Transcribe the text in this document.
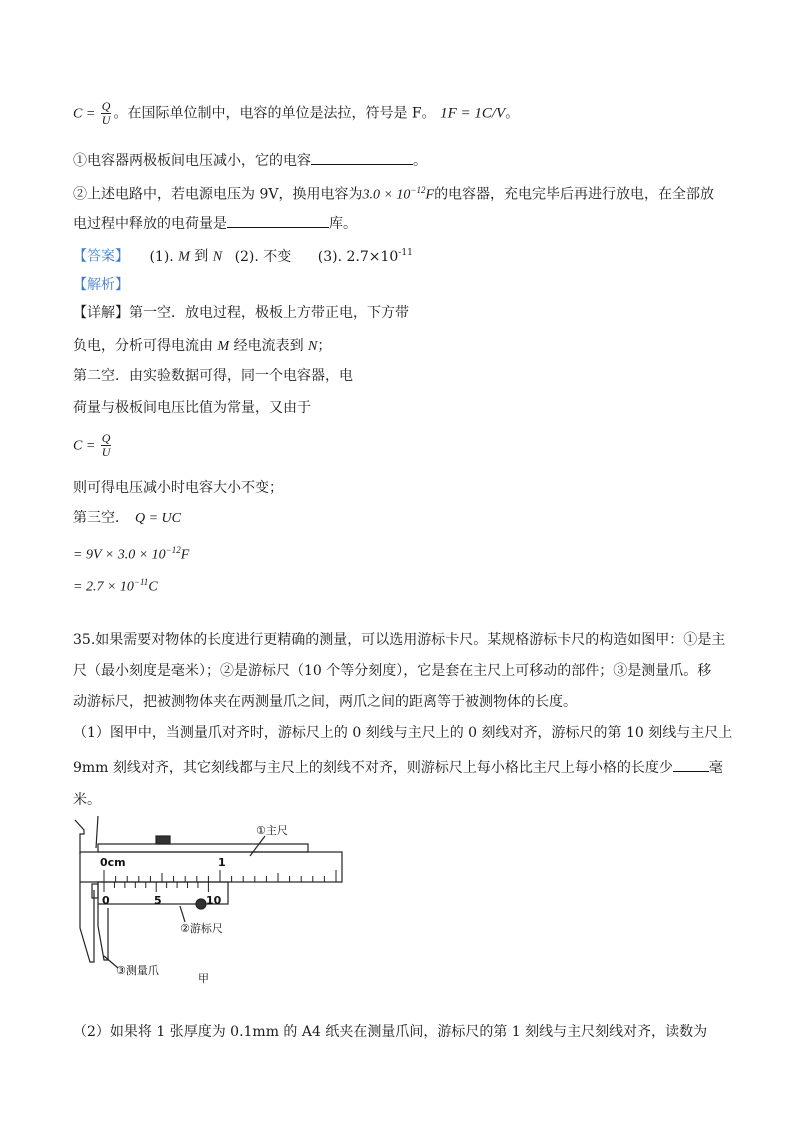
$C = \frac{Q}{U}$ 。在国际单位制中，电容的单位是法拉，符号是 F。 1F = 1C/V。
①电容器两极板间电压减小，它的电容	。
②上述电路中，若电源电压为 9V，换用电容为$3.0 \times 10^{-12}F$的电容器，充电完毕后再进行放电，在全部放
电过程中释放的电荷量是	库。
【答案】 (1). M 到 N (2). 不变 (3). $2.7\times 10^{-11}$
【解析】
【详解】第一空．放电过程，极板上方带正电，下方带
负电，分析可得电流由 M 经电流表到 N；
第二空．由实验数据可得，同一个电容器，电
荷量与极板间电压比值为常量，又由于
$C = \frac{Q}{U}$
则可得电压减小时电容大小不变；
第三空． Q = UC
= $9V \times 3.0 \times 10^{-12}F$
= $2.7 \times 10^{-11}C$
35.如果需要对物体的长度进行更精确的测量，可以选用游标卡尺。某规格游标卡尺的构造如图甲：①是主
尺（最小刻度是毫米）；②是游标尺（10 个等分刻度），它是套在主尺上可移动的部件；③是测量爪。移
动游标尺，把被测物体夹在两测量爪之间，两爪之间的距离等于被测物体的长度。
（1）图甲中，当测量爪对齐时，游标尺上的 0 刻线与主尺上的 0 刻线对齐，游标尺的第 10 刻线与主尺上
9mm 刻线对齐，其它刻线都与主尺上的刻线不对齐，则游标尺上每小格比主尺上每小格的长度少	毫
米。
0cm	1
0	5	10
①主尺
②游标尺
③测量爪
甲
（2）如果将 1 张厚度为 0.1mm 的 A4 纸夹在测量爪间，游标尺的第 1 刻线与主尺刻线对齐，读数为
